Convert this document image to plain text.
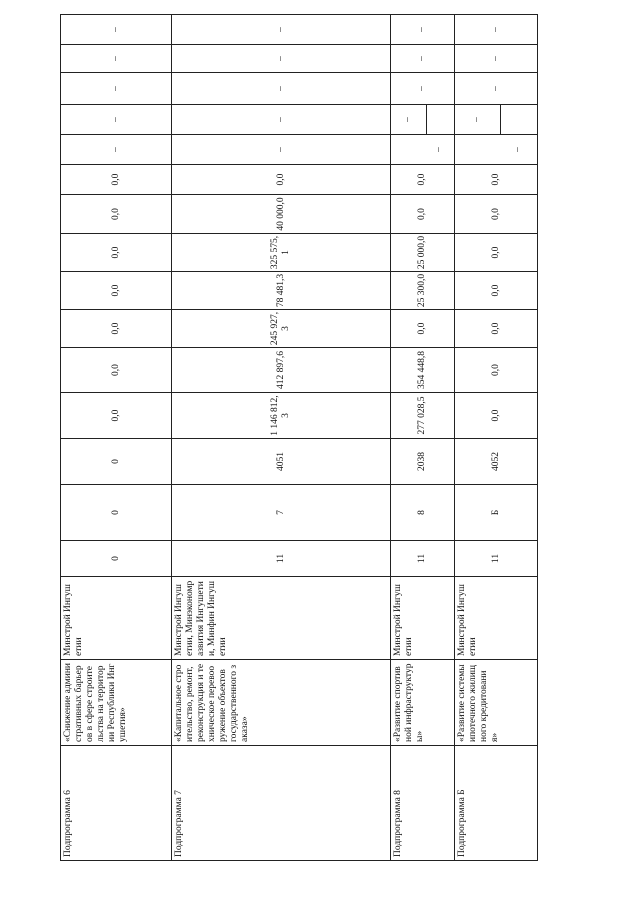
Подпрограмма 6	«Снижение административных барьеров в сфере строительства на территории Республики Ингушетия»	Минстрой Ингушетии	0	0	0	0,0	0,0	0,0	0,0	0,0	0,0	0,0	–	–	–	–	–
Подпрограмма 7	«Капитальное строительство, ремонт, реконструкция и техническое перевооружение объектов государственного заказа»	Минстрой Ингушетии, Минэкономразвития Ингушетии, Минфин Ингушетии	11	7	4051	1 146 812,3	412 897,6	245 927,3	78 481,3	325 575,1	40 000,0	0,0	–	–	–	–	–
Подпрограмма 8	«Развитие спортивной инфраструктуры»	Минстрой Ингушетии	11	8	2038	277 028,5	354 448,8	0,0	25 300,0	25 000,0	0,0	0,0	–	–	–	–	–
Подпрограмма Б	«Развитие системы ипотечного жилищного кредитования»	Минстрой Ингушетии	11	Б	4052	0,0	0,0	0,0	0,0	0,0	0,0	0,0	–	–	–	–	–
